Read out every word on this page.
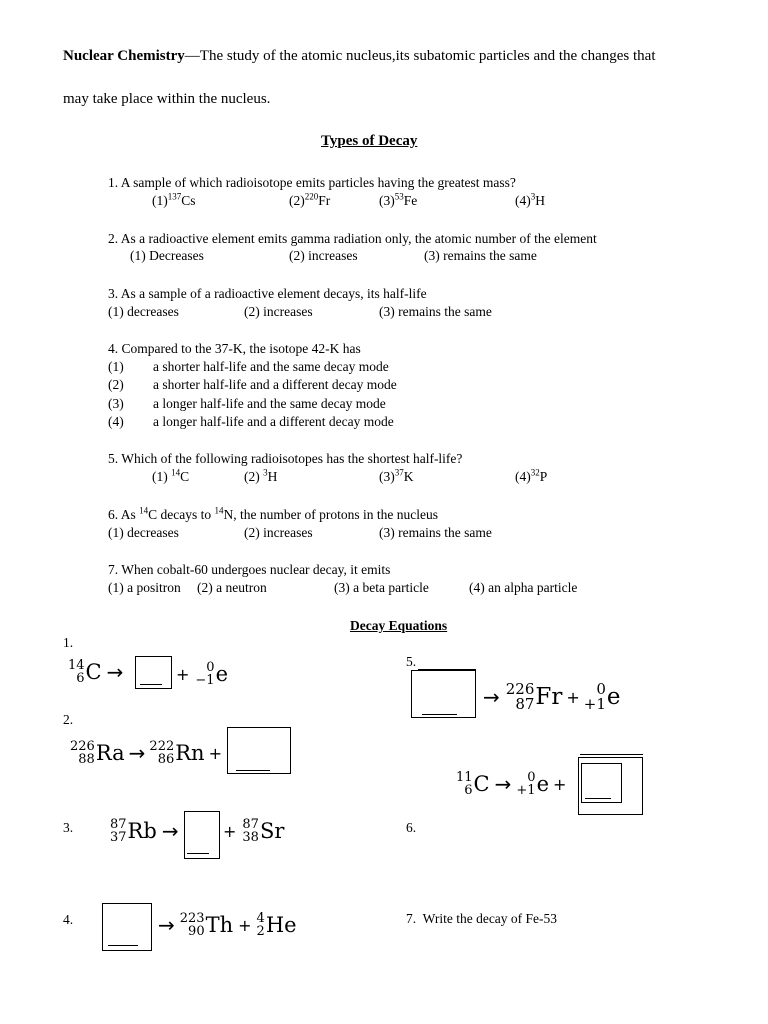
Nuclear Chemistry—The study of the atomic nucleus,its subatomic particles and the changes that
may take place within the nucleus.
Types of Decay
1. A sample of which radioisotope emits particles having the greatest mass?
$(1)^{137}Cs$	$(2)^{220}Fr$	$(3)^{53}Fe$	$(4)^3H$
2. As a radioactive element emits gamma radiation only, the atomic number of the element
(1) Decreases	(2) increases	(3) remains the same
3. As a sample of a radioactive element decays, its half-life
(1) decreases	(2) increases	(3) remains the same
4. Compared to the 37-K, the isotope 42-K has
(1) a shorter half-life and the same decay mode
(2) a shorter half-life and a different decay mode
(3) a longer half-life and the same decay mode
(4) a longer half-life and a different decay mode
5. Which of the following radioisotopes has the shortest half-life?
(1) $^{14}$C	(2) $^3$H	$(3)^{37}K$	$(4)^{32}P$
6. As $^{14}$C decays to $^{14}$N, the number of protons in the nucleus
(1) decreases	(2) increases	(3) remains the same
7. When cobalt-60 undergoes nuclear decay, it emits
(1) a positron (2) a neutron	(3) a beta particle	(4) an alpha particle
Decay Equations
1.
14
6 C →	+ 0
−1 e
2.
226
88 Ra → 222
86 Rn +
3.	87
37 Rb →	+ 87
38 Sr
4.	→ 223
90 Th + 4
2 He
5.
→ 226
87 Fr + 0
+1 e
11
6 C → 0
+1 e +
6.
7. Write the decay of Fe-53
